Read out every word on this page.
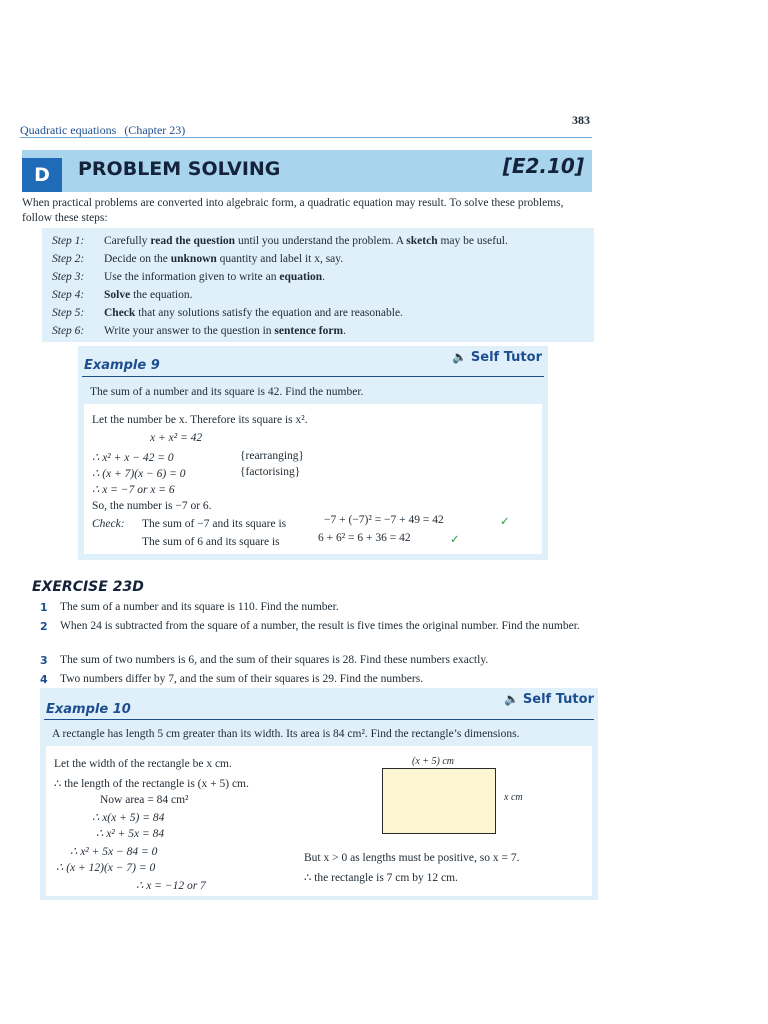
383
Quadratic equations (Chapter 23)
D	PROBLEM SOLVING	[E2.10]
When practical problems are converted into algebraic form, a quadratic equation may result. To solve these problems, follow these steps:
Step 1: Carefully read the question until you understand the problem. A sketch may be useful.
Step 2: Decide on the unknown quantity and label it x, say.
Step 3: Use the information given to write an equation.
Step 4: Solve the equation.
Step 5: Check that any solutions satisfy the equation and are reasonable.
Step 6: Write your answer to the question in sentence form.
Example 9
🔈 Self Tutor
The sum of a number and its square is 42. Find the number.
Let the number be x. Therefore its square is x².
x + x² = 42
∴ x² + x − 42 = 0	{rearranging}
∴ (x + 7)(x − 6) = 0	{factorising}
∴ x = −7 or x = 6
So, the number is −7 or 6.
Check: The sum of −7 and its square is	−7 + (−7)² = −7 + 49 = 42	✓
The sum of 6 and its square is	6 + 6² = 6 + 36 = 42	✓
EXERCISE 23D
1 The sum of a number and its square is 110. Find the number.
2 When 24 is subtracted from the square of a number, the result is five times the original number. Find the number.
3 The sum of two numbers is 6, and the sum of their squares is 28. Find these numbers exactly.
4 Two numbers differ by 7, and the sum of their squares is 29. Find the numbers.
Example 10
🔈 Self Tutor
A rectangle has length 5 cm greater than its width. Its area is 84 cm². Find the rectangle’s dimensions.
Let the width of the rectangle be x cm.
∴ the length of the rectangle is (x + 5) cm.
Now area = 84 cm²
∴ x(x + 5) = 84
∴ x² + 5x = 84
∴ x² + 5x − 84 = 0
∴ (x + 12)(x − 7) = 0
∴ x = −12 or 7
(x + 5) cm
x cm
But x > 0 as lengths must be positive, so x = 7.
∴ the rectangle is 7 cm by 12 cm.
